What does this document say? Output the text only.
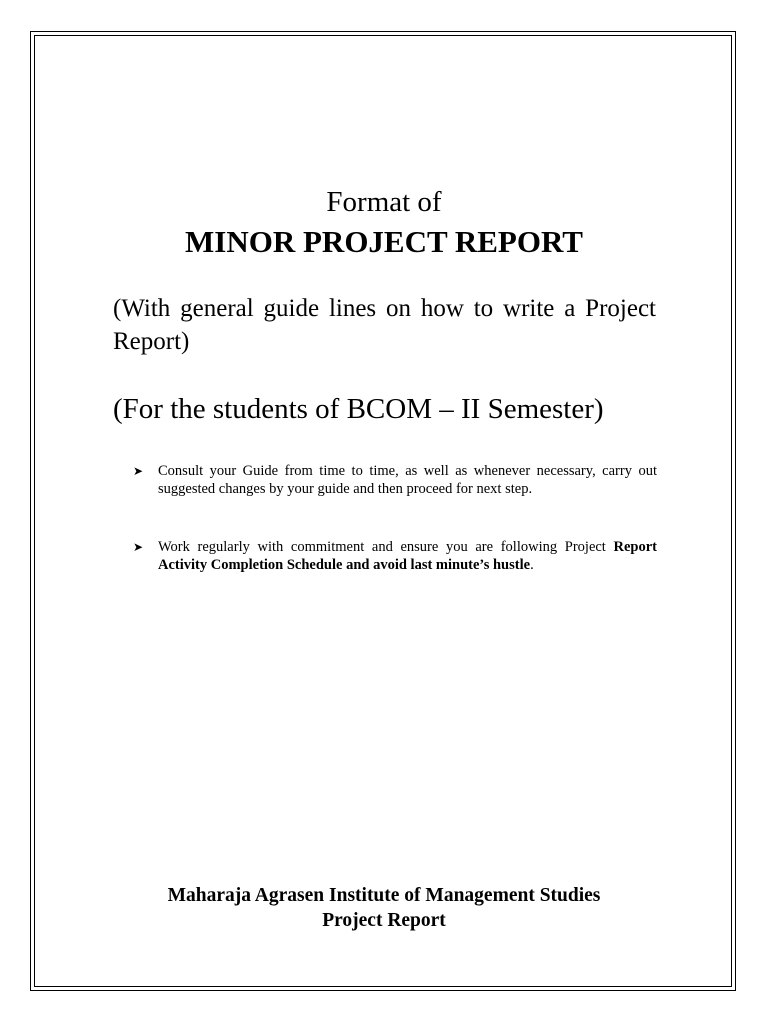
Format of
MINOR PROJECT REPORT
(With general guide lines on how to write a Project Report)
(For the students of BCOM – II Semester)
➤ Consult your Guide from time to time, as well as whenever necessary, carry out suggested changes by your guide and then proceed for next step.
➤ Work regularly with commitment and ensure you are following Project Report Activity Completion Schedule and avoid last minute’s hustle.
Maharaja Agrasen Institute of Management Studies
Project Report
